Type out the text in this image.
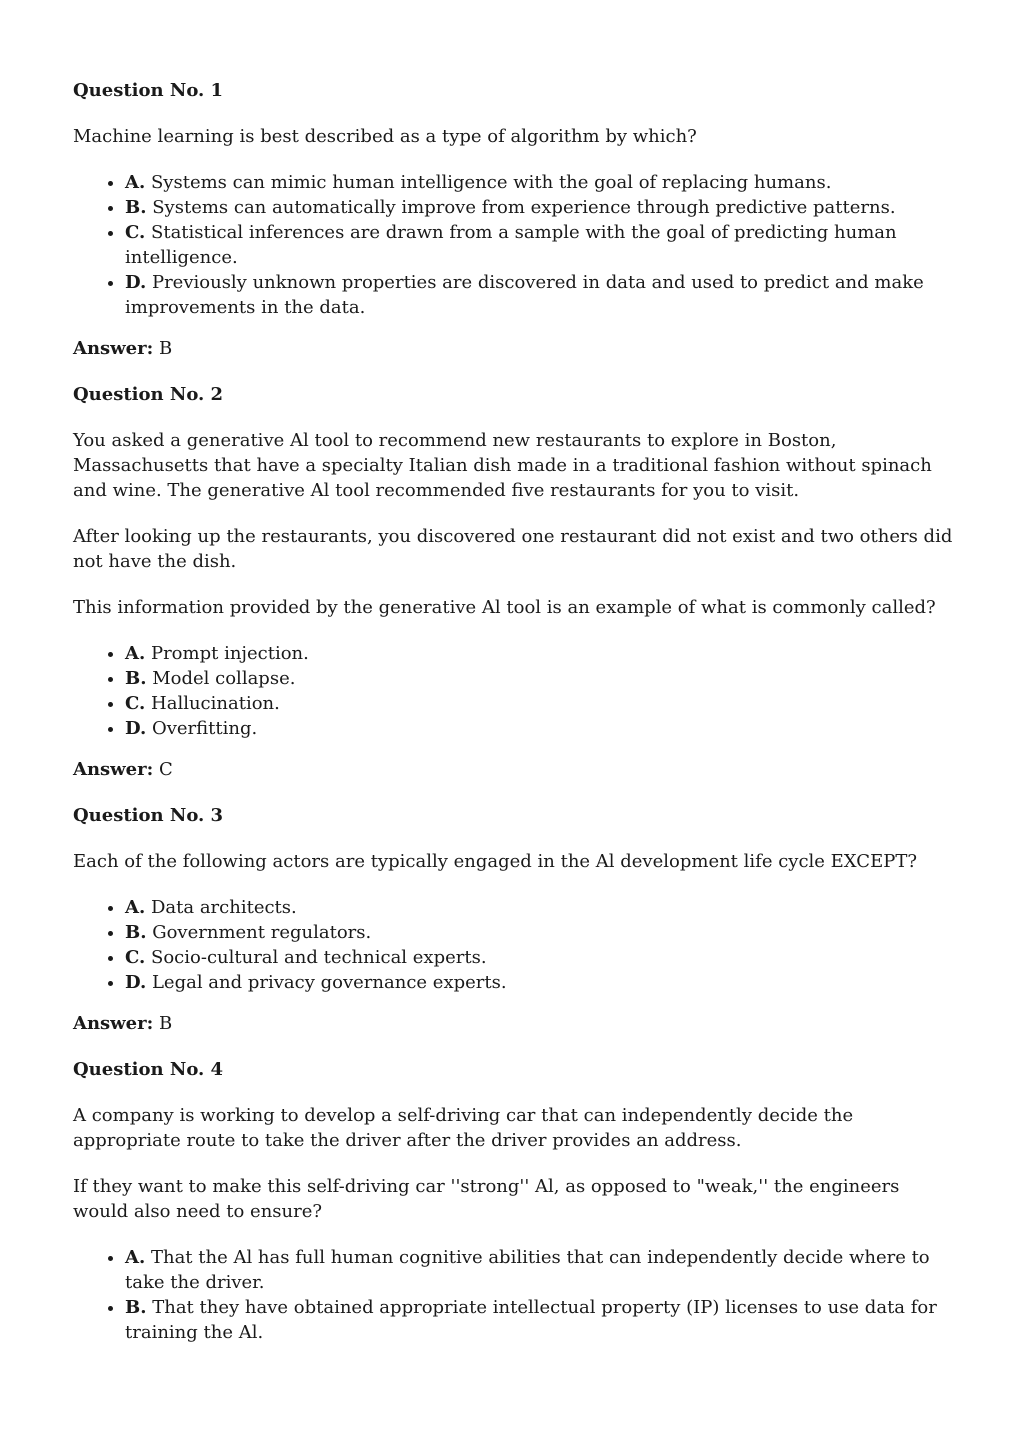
Question No. 1

Machine learning is best described as a type of algorithm by which?

• A. Systems can mimic human intelligence with the goal of replacing humans.
• B. Systems can automatically improve from experience through predictive patterns.
• C. Statistical inferences are drawn from a sample with the goal of predicting human intelligence.
• D. Previously unknown properties are discovered in data and used to predict and make improvements in the data.

Answer: B

Question No. 2

You asked a generative Al tool to recommend new restaurants to explore in Boston, Massachusetts that have a specialty Italian dish made in a traditional fashion without spinach and wine. The generative Al tool recommended five restaurants for you to visit.

After looking up the restaurants, you discovered one restaurant did not exist and two others did not have the dish.

This information provided by the generative Al tool is an example of what is commonly called?

• A. Prompt injection.
• B. Model collapse.
• C. Hallucination.
• D. Overfitting.

Answer: C

Question No. 3

Each of the following actors are typically engaged in the Al development life cycle EXCEPT?

• A. Data architects.
• B. Government regulators.
• C. Socio-cultural and technical experts.
• D. Legal and privacy governance experts.

Answer: B

Question No. 4

A company is working to develop a self-driving car that can independently decide the appropriate route to take the driver after the driver provides an address.

If they want to make this self-driving car ''strong'' Al, as opposed to "weak,'' the engineers would also need to ensure?

• A. That the Al has full human cognitive abilities that can independently decide where to take the driver.
• B. That they have obtained appropriate intellectual property (IP) licenses to use data for training the Al.
